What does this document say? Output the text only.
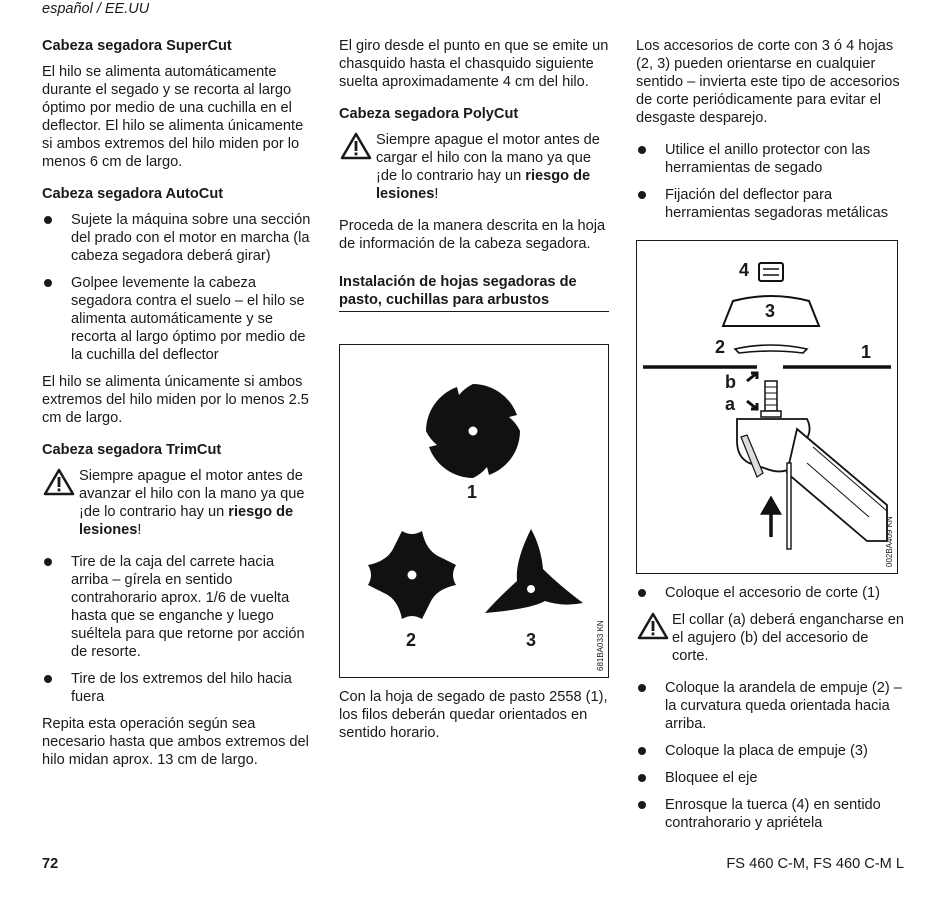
español / EE.UU
Cabeza segadora SuperCut

El hilo se alimenta automáticamente durante el segado y se recorta al largo óptimo por medio de una cuchilla en el deflector. El hilo se alimenta únicamente si ambos extremos del hilo miden por lo menos 6 cm de largo.

Cabeza segadora AutoCut
Sujete la máquina sobre una sección del prado con el motor en marcha (la cabeza segadora deberá girar)
Golpee levemente la cabeza segadora contra el suelo – el hilo se alimenta automáticamente y se recorta al largo óptimo por medio de la cuchilla del deflector

El hilo se alimenta únicamente si ambos extremos del hilo miden por lo menos 2.5 cm de largo.

Cabeza segadora TrimCut
Siempre apague el motor antes de avanzar el hilo con la mano ya que ¡de lo contrario hay un riesgo de lesiones!
Tire de la caja del carrete hacia arriba – gírela en sentido contrahorario aprox. 1/6 de vuelta hasta que se enganche y luego suéltela para que retorne por acción de resorte.
Tire de los extremos del hilo hacia fuera

Repita esta operación según sea necesario hasta que ambos extremos del hilo midan aprox. 13 cm de largo.

El giro desde el punto en que se emite un chasquido hasta el chasquido siguiente suelta aproximadamente 4 cm del hilo.

Cabeza segadora PolyCut
Siempre apague el motor antes de cargar el hilo con la mano ya que ¡de lo contrario hay un riesgo de lesiones!

Proceda de la manera descrita en la hoja de información de la cabeza segadora.

Instalación de hojas segadoras de pasto, cuchillas para arbustos
1
2	3	681BA033 KN

Con la hoja de segado de pasto 2558 (1), los filos deberán quedar orientados en sentido horario.

Los accesorios de corte con 3 ó 4 hojas (2, 3) pueden orientarse en cualquier sentido – invierta este tipo de accesorios de corte periódicamente para evitar el desgaste desparejo.

Utilice el anillo protector con las herramientas de segado
Fijación del deflector para herramientas segadoras metálicas
4
3
2	1
b
a
002BA409 KN
Coloque el accesorio de corte (1)
El collar (a) deberá engancharse en el agujero (b) del accesorio de corte.
Coloque la arandela de empuje (2) – la curvatura queda orientada hacia arriba.
Coloque la placa de empuje (3)
Bloquee el eje
Enrosque la tuerca (4) en sentido contrahorario y apriételа
72	FS 460 C-M, FS 460 C-M L
